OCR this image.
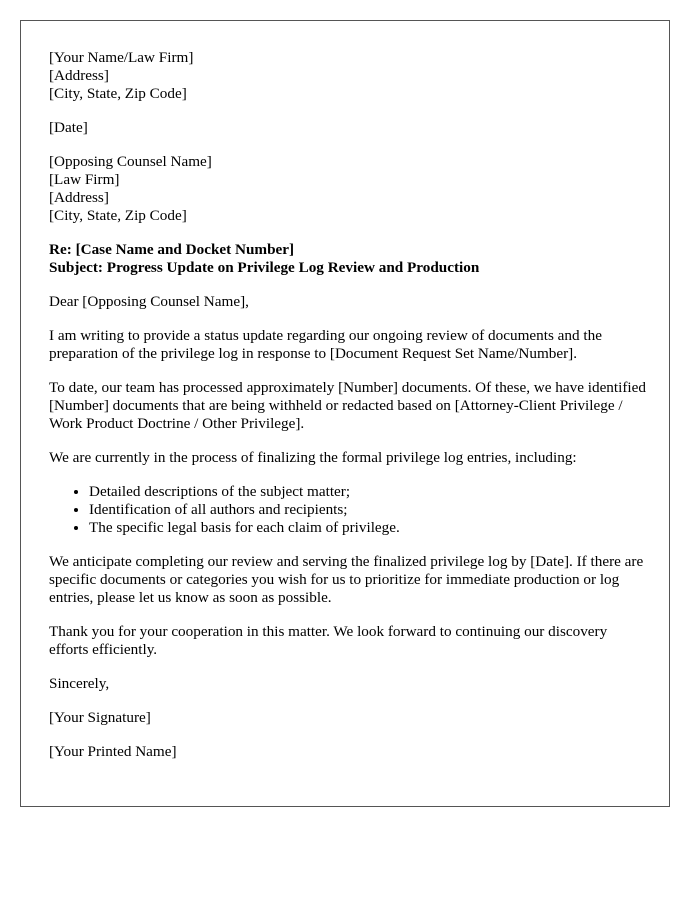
[Your Name/Law Firm]
[Address]
[City, State, Zip Code]
[Date]
[Opposing Counsel Name]
[Law Firm]
[Address]
[City, State, Zip Code]
Re: [Case Name and Docket Number]
Subject: Progress Update on Privilege Log Review and Production

Dear [Opposing Counsel Name],

I am writing to provide a status update regarding our ongoing review of documents and the preparation of the privilege log in response to [Document Request Set Name/Number].

To date, our team has processed approximately [Number] documents. Of these, we have identified [Number] documents that are being withheld or redacted based on [Attorney-Client Privilege / Work Product Doctrine / Other Privilege].

We are currently in the process of finalizing the formal privilege log entries, including:

• Detailed descriptions of the subject matter;
• Identification of all authors and recipients;
• The specific legal basis for each claim of privilege.

We anticipate completing our review and serving the finalized privilege log by [Date]. If there are specific documents or categories you wish for us to prioritize for immediate production or log entries, please let us know as soon as possible.

Thank you for your cooperation in this matter. We look forward to continuing our discovery efforts efficiently.

Sincerely,

[Your Signature]

[Your Printed Name]
